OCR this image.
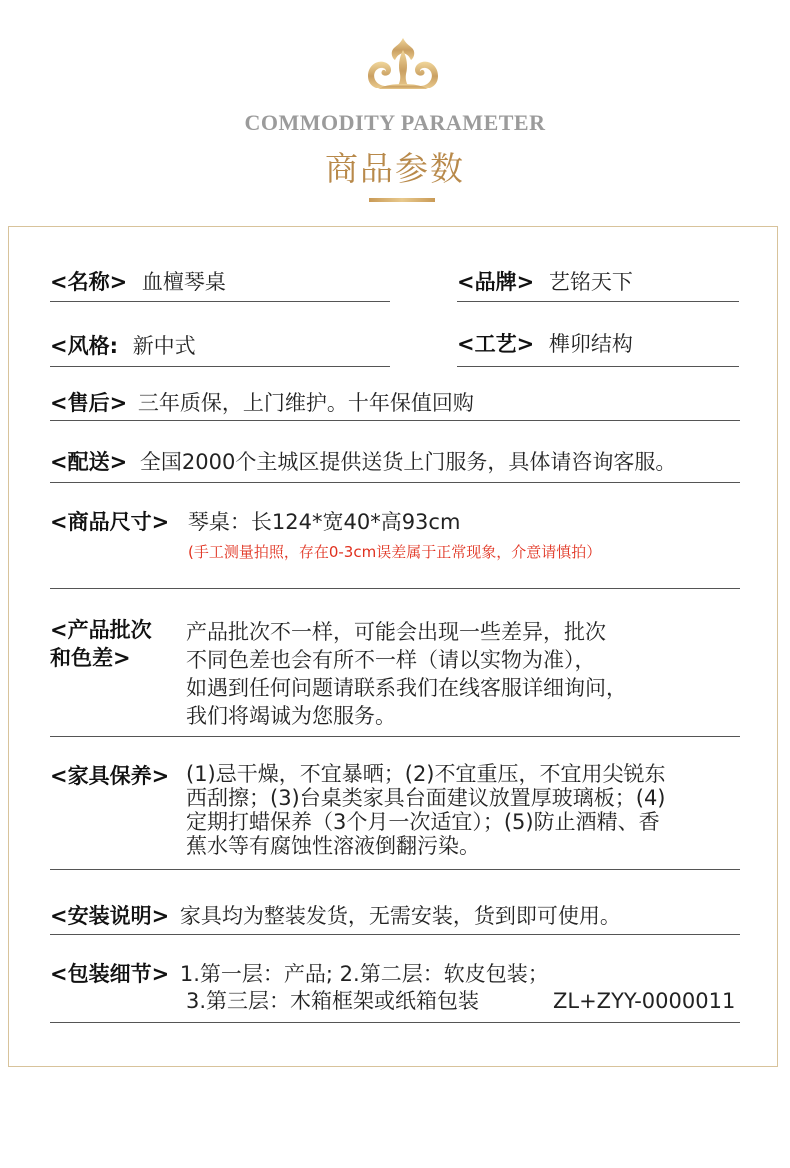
COMMODITY PARAMETER
商品参数
<名称> 血檀琴桌	<品牌> 艺铭天下
<风格: 新中式	<工艺> 榫卯结构
<售后> 三年质保，上门维护。十年保值回购
<配送> 全国2000个主城区提供送货上门服务，具体请咨询客服。
<商品尺寸> 琴桌：长124*宽40*高93cm
(手工测量拍照，存在0-3cm误差属于正常现象，介意请慎拍）
<产品批次
和色差>
产品批次不一样，可能会出现一些差异，批次
不同色差也会有所不一样（请以实物为准），
如遇到任何问题请联系我们在线客服详细询问，
我们将竭诚为您服务。
<家具保养> (1)忌干燥，不宜暴晒；(2)不宜重压，不宜用尖锐东
西刮擦；(3)台桌类家具台面建议放置厚玻璃板；(4)
定期打蜡保养（3个月一次适宜）；(5)防止酒精、香
蕉水等有腐蚀性溶液倒翻污染。
<安装说明> 家具均为整装发货，无需安装，货到即可使用。
<包装细节> 1.第一层：产品; 2.第二层：软皮包装；
3.第三层：木箱框架或纸箱包装	ZL+ZYY-0000011
